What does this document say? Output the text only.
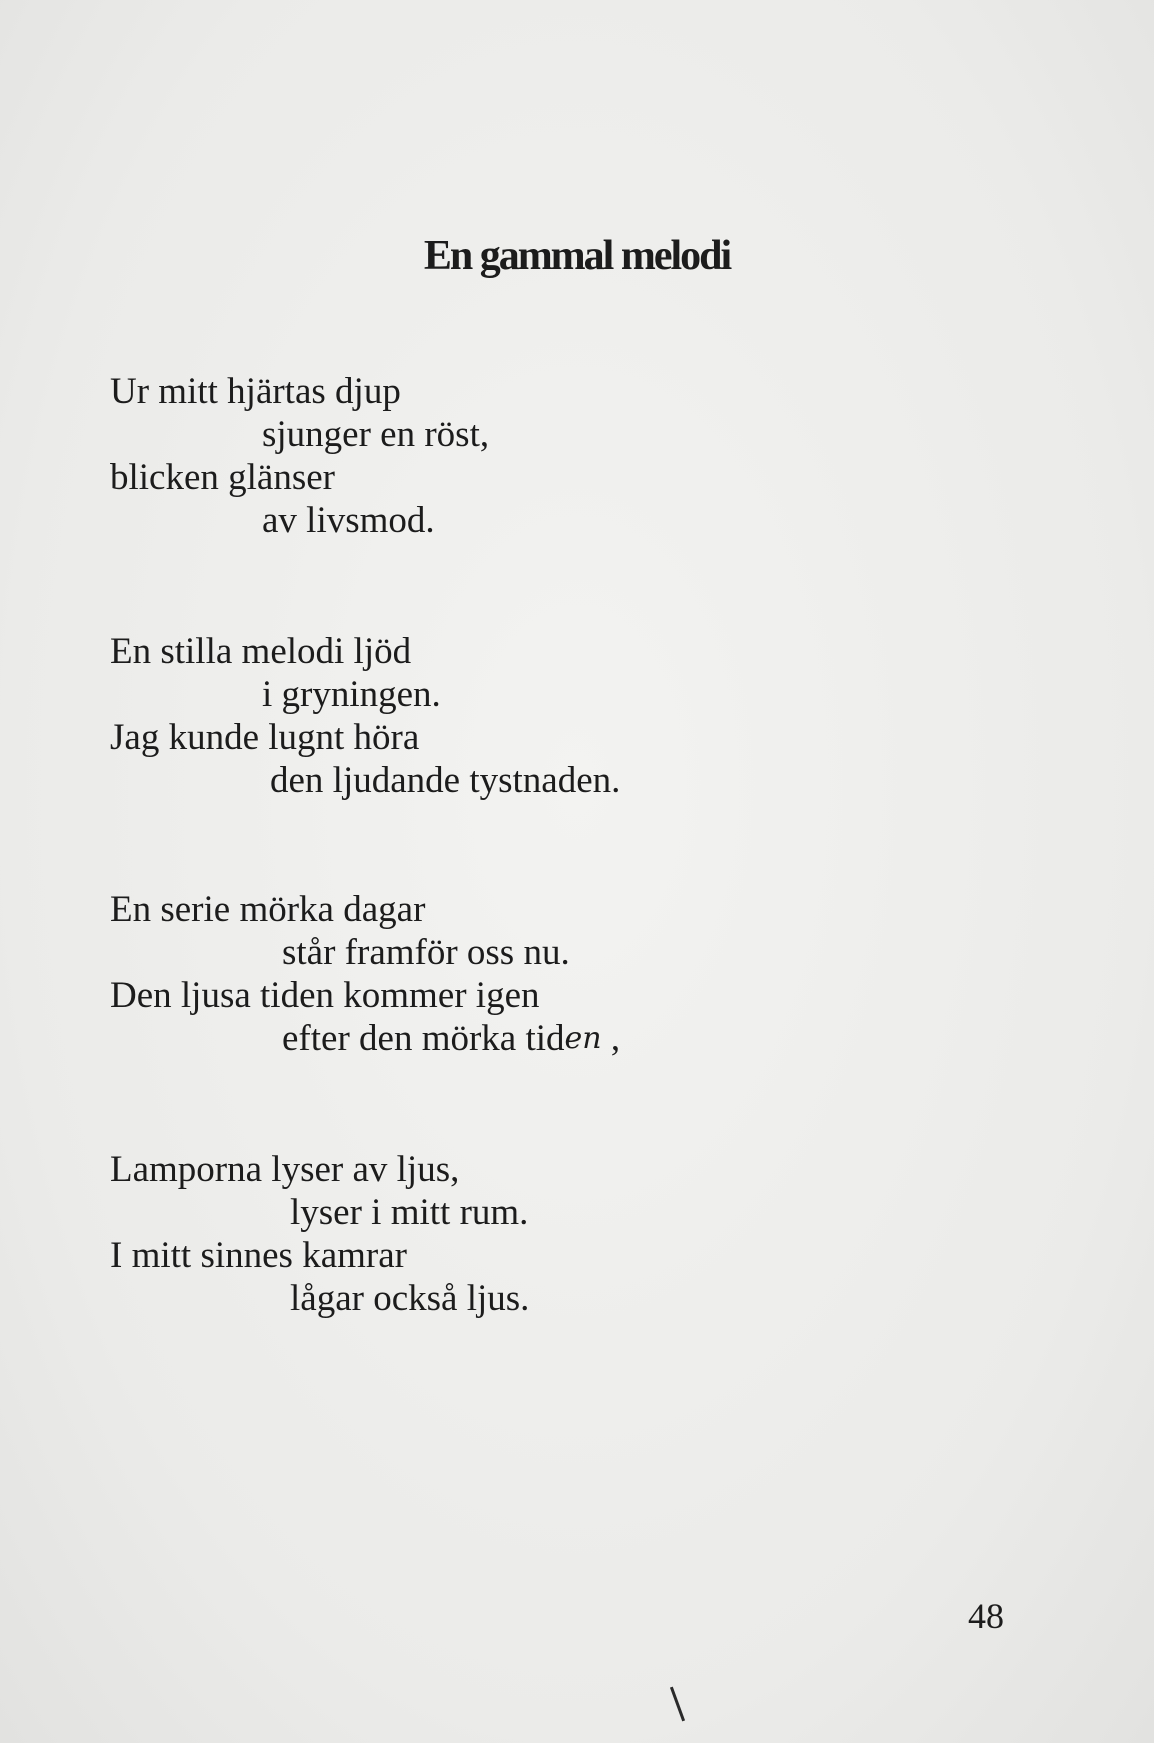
En gammal melodi
Ur mitt hjärtas djup
sjunger en röst,
blicken glänser
av livsmod.
En stilla melodi ljöd
i gryningen.
Jag kunde lugnt höra
den ljudande tystnaden.
En serie mörka dagar
står framför oss nu.
Den ljusa tiden kommer igen
efter den mörka tiden ,
Lamporna lyser av ljus,
lyser i mitt rum.
I mitt sinnes kamrar
lågar också ljus.
48
